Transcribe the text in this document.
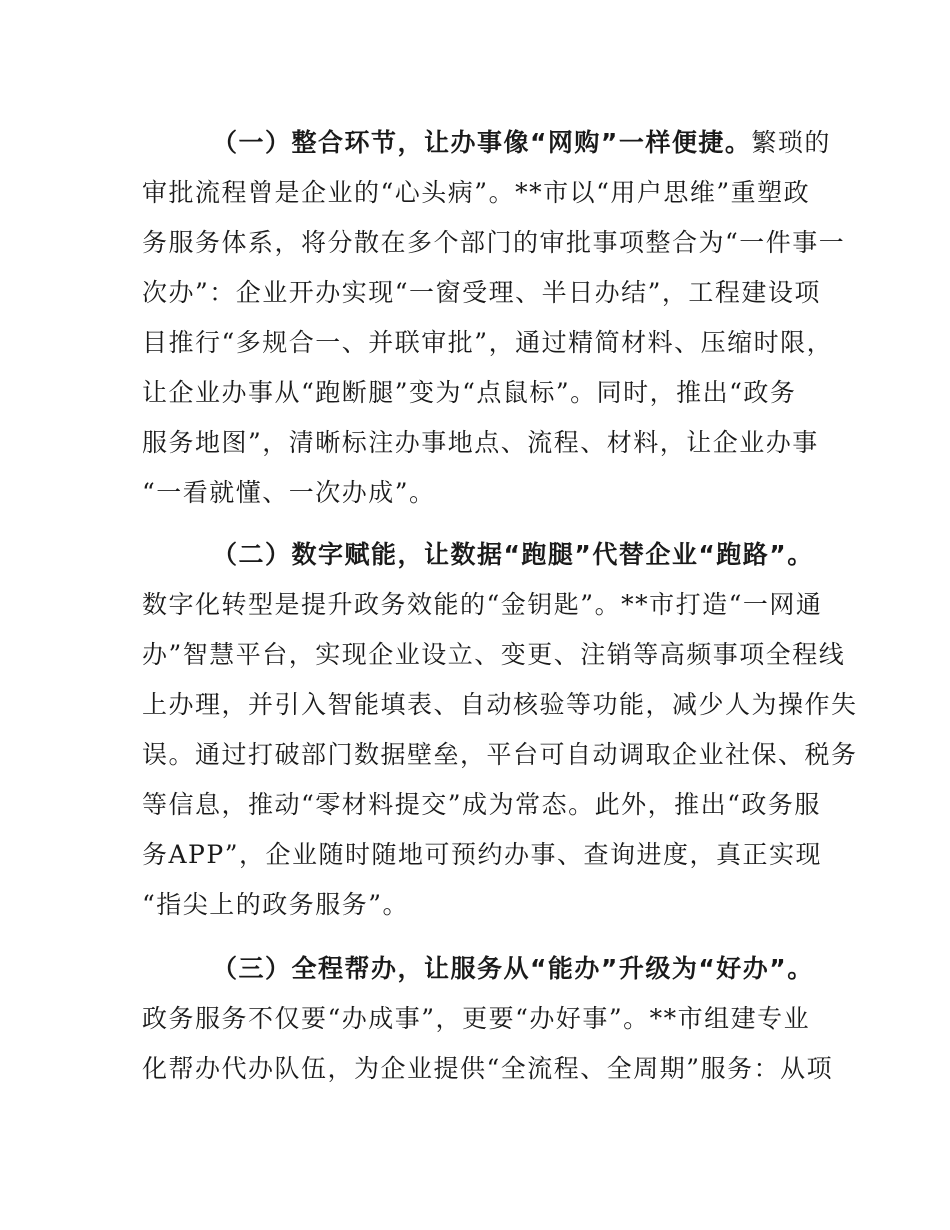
（一）整合环节，让办事像“网购”一样便捷。繁琐的
审批流程曾是企业的“心头病”。**市以“用户思维”重塑政
务服务体系，将分散在多个部门的审批事项整合为“一件事一
次办”：企业开办实现“一窗受理、半日办结”，工程建设项
目推行“多规合一、并联审批”，通过精简材料、压缩时限，
让企业办事从“跑断腿”变为“点鼠标”。同时，推出“政务
服务地图”，清晰标注办事地点、流程、材料，让企业办事
“一看就懂、一次办成”。
（二）数字赋能，让数据“跑腿”代替企业“跑路”。
数字化转型是提升政务效能的“金钥匙”。**市打造“一网通
办”智慧平台，实现企业设立、变更、注销等高频事项全程线
上办理，并引入智能填表、自动核验等功能，减少人为操作失
误。通过打破部门数据壁垒，平台可自动调取企业社保、税务
等信息，推动“零材料提交”成为常态。此外，推出“政务服
务APP”，企业随时随地可预约办事、查询进度，真正实现
“指尖上的政务服务”。
（三）全程帮办，让服务从“能办”升级为“好办”。
政务服务不仅要“办成事”，更要“办好事”。**市组建专业
化帮办代办队伍，为企业提供“全流程、全周期”服务：从项
